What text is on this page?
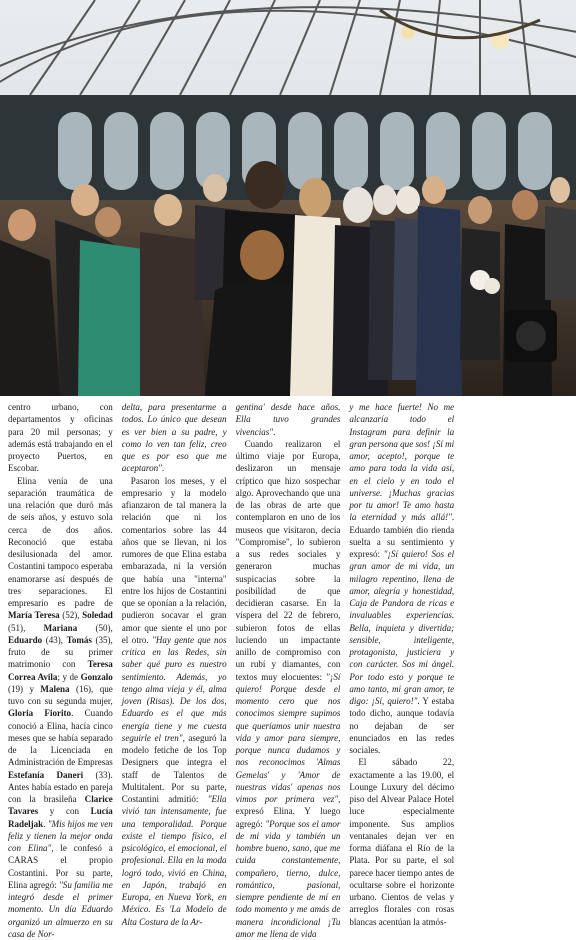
centro urbano, con departamentos y oficinas para 20 mil personas; y además está trabajando en el proyecto Puertos, en Escobar.

Elina venía de una separación traumática de una relación que duró más de seis años, y estuvo sola cerca de dos años. Reconoció que estaba desilusionada del amor. Costantini tampoco esperaba enamorarse así después de tres separaciones. El empresario es padre de María Teresa (52), Soledad (51), Mariana (50), Eduardo (43), Tomás (35), fruto de su primer matrimonio con Teresa Correa Avila; y de Gonzalo (19) y Malena (16), que tuvo con su segunda mujer, Gloria Fiorito. Cuando conoció a Elina, hacía cinco meses que se había separado de la Licenciada en Administración de Empresas Estefanía Daneri (33). Antes había estado en pareja con la brasileña Clarice Tavares y con Lucía Radeljak. "Mis hijos me ven feliz y tienen la mejor onda con Elina", le confesó a CARAS el propio Costantini. Por su parte, Elina agregó: "Su familia me integró desde el primer momento. Un día Eduardo organizó un almuerzo en su casa de Nor-

delta, para presentarme a todos. Lo único que desean es ver bien a su padre, y como lo ven tan feliz, creo que es por eso que me aceptaron".

Pasaron los meses, y el empresario y la modelo afianzaron de tal manera la relación que ni los comentarios sobre las 44 años que se llevan, ni los rumores de que Elina estaba embarazada, ni la versión que había una "interna" entre los hijos de Costantini que se oponían a la relación, pudieron socavar el gran amor que siente el uno por el otro. "Hay gente que nos critica en las Redes, sin saber qué puro es nuestro sentimiento. Además, yo tengo alma vieja y él, alma joven (Risas). De los dos, Eduardo es el que más energía tiene y me cuesta seguirle el tren", aseguró la modelo fetiche de los Top Designers que integra el staff de Talentos de Multitalent. Por su parte, Costantini admitió: "Ella vivió tan intensamente, fue una temporalidad. Porque existe el tiempo físico, el psicológico, el emocional, el profesional. Ella en la moda logró todo, vivió en China, en Japón, trabajó en Europa, en Nueva York, en México. Es 'La Modelo de Alta Costura de la Ar-

gentina' desde hace años. Ella tuvo grandes vivencias".

Cuando realizaron el último viaje por Europa, deslizaron un mensaje críptico que hizo sospechar algo. Aprovechando que una de las obras de arte que contemplaron en uno de los museos que visitaron, decía "Compromise", lo subieron a sus redes sociales y generaron muchas suspicacias sobre la posibilidad de que decidieran casarse. En la víspera del 22 de febrero, subieron fotos de ellas luciendo un impactante anillo de compromiso con un rubí y diamantes, con textos muy elocuentes: "¡Sí quiero! Porque desde el momento cero que nos conocimos siempre supimos que queríamos unir nuestra vida y amor para siempre, porque nunca dudamos y nos reconocimos 'Almas Gemelas' y 'Amor de nuestras vidas' apenas nos vimos por primera vez", expresó Elina. Y luego agregó: "Porque sos el amor de mi vida y también un hombre bueno, sano, que me cuida constantemente, compañero, tierno, dulce, romántico, pasional, siempre pendiente de mí en todo momento y me amás de manera incondicional ¡Tu amor me llena de vida

y me hace fuerte! No me alcanzaría todo el Instagram para definir la gran persona que sos! ¡Sí mi amor, acepto!, porque te amo para toda la vida así, en el cielo y en todo el universe. ¡Muchas gracias por tu amor! Te amo hasta la eternidad y más allá!". Eduardo también dio rienda suelta a su sentimiento y expresó: "¡Sí quiero! Sos el gran amor de mi vida, un milagro repentino, llena de amor, alegría y honestidad, Caja de Pandora de ricas e invaluables experiencias. Bella, inquieta y divertida; sensible, inteligente, protagonista, justiciera y con carácter. Sos mi ángel. Por todo esto y porque te amo tanto, mi gran amor, te digo: ¡Sí, quiero!". Y estaba todo dicho, aunque todavía no dejaban de ser enunciados en las redes sociales.

El sábado 22, exactamente a las 19.00, el Lounge Luxury del décimo piso del Alvear Palace Hotel luce especialmente imponente. Sus amplios ventanales dejan ver en forma diáfana el Río de la Plata. Por su parte, el sol parece hacer tiempo antes de ocultarse sobre el horizonte urbano. Cientos de velas y arreglos florales con rosas blancas acentúan la atmós-
